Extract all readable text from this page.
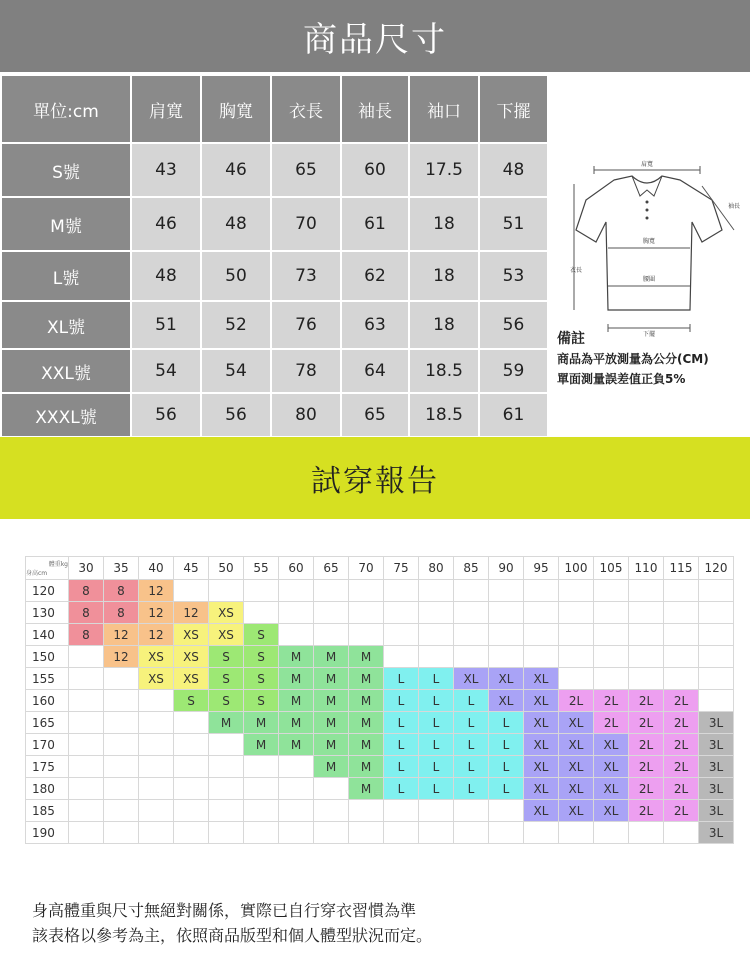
商品尺寸
單位:cm	肩寬	胸寬	衣長	袖長	袖口	下擺
S號	43	46	65	60	17.5	48
M號	46	48	70	61	18	51
L號	48	50	73	62	18	53
XL號	51	52	76	63	18	56
XXL號	54	54	78	64	18.5	59
XXXL號	56	56	80	65	18.5	61
肩寬
袖長
胸寬
腰圍
衣長
下擺
備註
商品為平放測量為公分(CM)
單面測量誤差值正負5%
試穿報告
體重kg
身高cm	30	35	40	45	50	55	60	65	70	75	80	85	90	95	100	105	110	115	120
120	8	8	12																
130	8	8	12	12	XS														
140	8	12	12	XS	XS	S													
150		12	XS	XS	S	S	M	M	M										
155			XS	XS	S	S	M	M	M	L	L	XL	XL	XL					
160				S	S	S	M	M	M	L	L	L	XL	XL	2L	2L	2L	2L	
165					M	M	M	M	M	L	L	L	L	XL	XL	2L	2L	2L	3L
170						M	M	M	M	L	L	L	L	XL	XL	XL	2L	2L	3L
175								M	M	L	L	L	L	XL	XL	XL	2L	2L	3L
180									M	L	L	L	L	XL	XL	XL	2L	2L	3L
185														XL	XL	XL	2L	2L	3L
190																			3L
身高體重與尺寸無絕對關係，實際已自行穿衣習慣為準
該表格以參考為主，依照商品版型和個人體型狀況而定。
